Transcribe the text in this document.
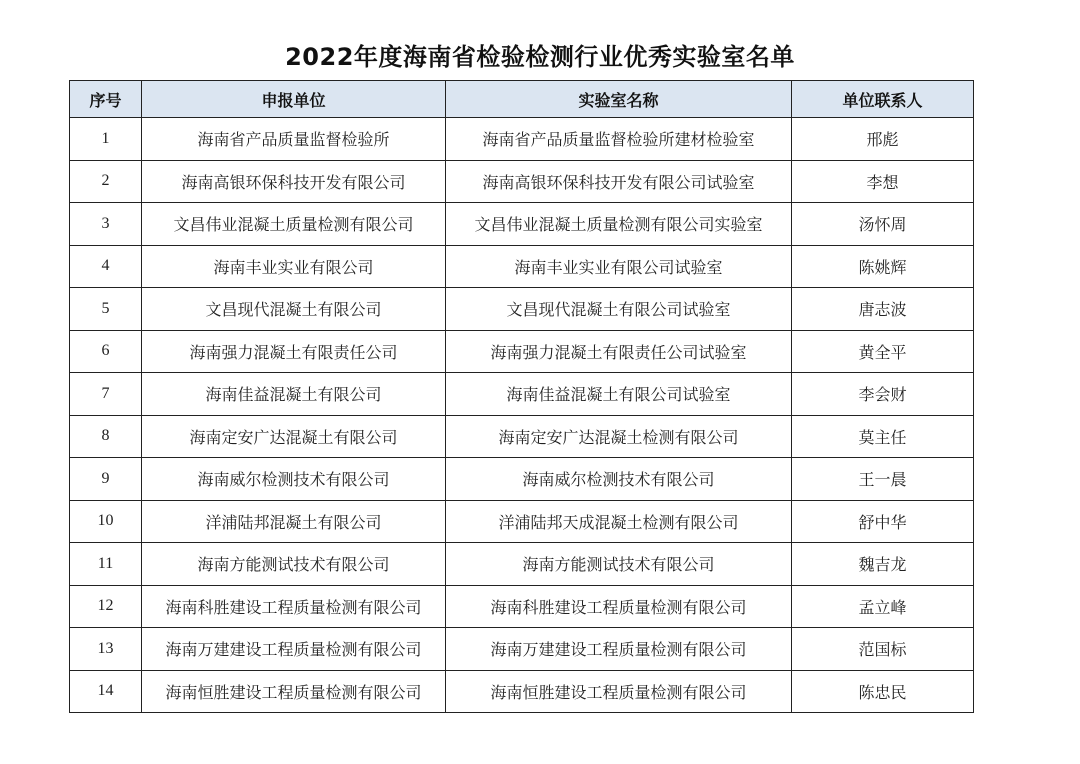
2022年度海南省检验检测行业优秀实验室名单
序号	申报单位	实验室名称	单位联系人
1	海南省产品质量监督检验所	海南省产品质量监督检验所建材检验室	邢彪
2	海南高银环保科技开发有限公司	海南高银环保科技开发有限公司试验室	李想
3	文昌伟业混凝土质量检测有限公司	文昌伟业混凝土质量检测有限公司实验室	汤怀周
4	海南丰业实业有限公司	海南丰业实业有限公司试验室	陈姚辉
5	文昌现代混凝土有限公司	文昌现代混凝土有限公司试验室	唐志波
6	海南强力混凝土有限责任公司	海南强力混凝土有限责任公司试验室	黄全平
7	海南佳益混凝土有限公司	海南佳益混凝土有限公司试验室	李会财
8	海南定安广达混凝土有限公司	海南定安广达混凝土检测有限公司	莫主任
9	海南威尔检测技术有限公司	海南威尔检测技术有限公司	王一晨
10	洋浦陆邦混凝土有限公司	洋浦陆邦天成混凝土检测有限公司	舒中华
11	海南方能测试技术有限公司	海南方能测试技术有限公司	魏吉龙
12	海南科胜建设工程质量检测有限公司	海南科胜建设工程质量检测有限公司	孟立峰
13	海南万建建设工程质量检测有限公司	海南万建建设工程质量检测有限公司	范国标
14	海南恒胜建设工程质量检测有限公司	海南恒胜建设工程质量检测有限公司	陈忠民
